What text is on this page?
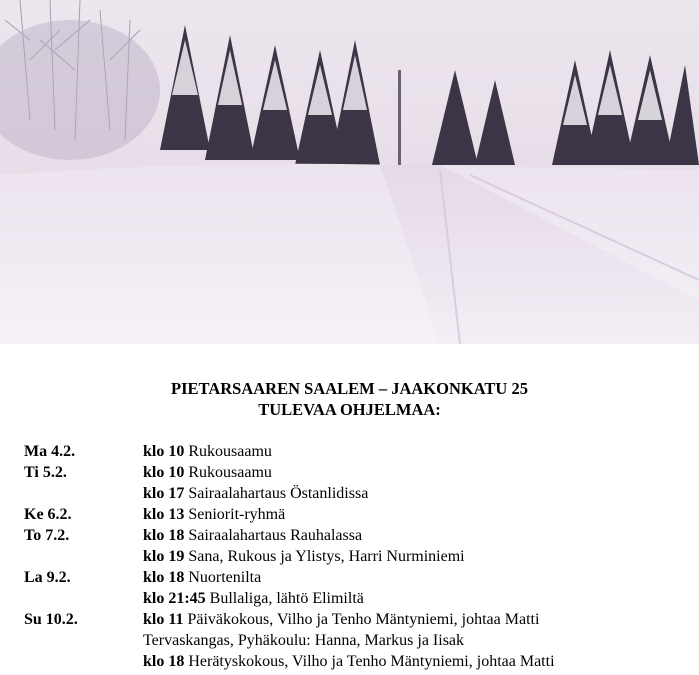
PIETARSAAREN SAALEM – JAAKONKATU 25
TULEVAA OHJELMAA:
Ma 4.2.	klo 10 Rukousaamu
Ti 5.2.	klo 10 Rukousaamu
klo 17 Sairaalahartaus Östanlidissa
Ke 6.2.	klo 13 Seniorit-ryhmä
To 7.2.	klo 18 Sairaalahartaus Rauhalassa
klo 19 Sana, Rukous ja Ylistys, Harri Nurminiemi
La 9.2.	klo 18 Nuortenilta
klo 21:45 Bullaliga, lähtö Elimiltä
Su 10.2.	klo 11 Päiväkokous, Vilho ja Tenho Mäntyniemi, johtaa Matti
Tervaskangas, Pyhäkoulu: Hanna, Markus ja Iisak
klo 18 Herätyskokous, Vilho ja Tenho Mäntyniemi, johtaa Matti
